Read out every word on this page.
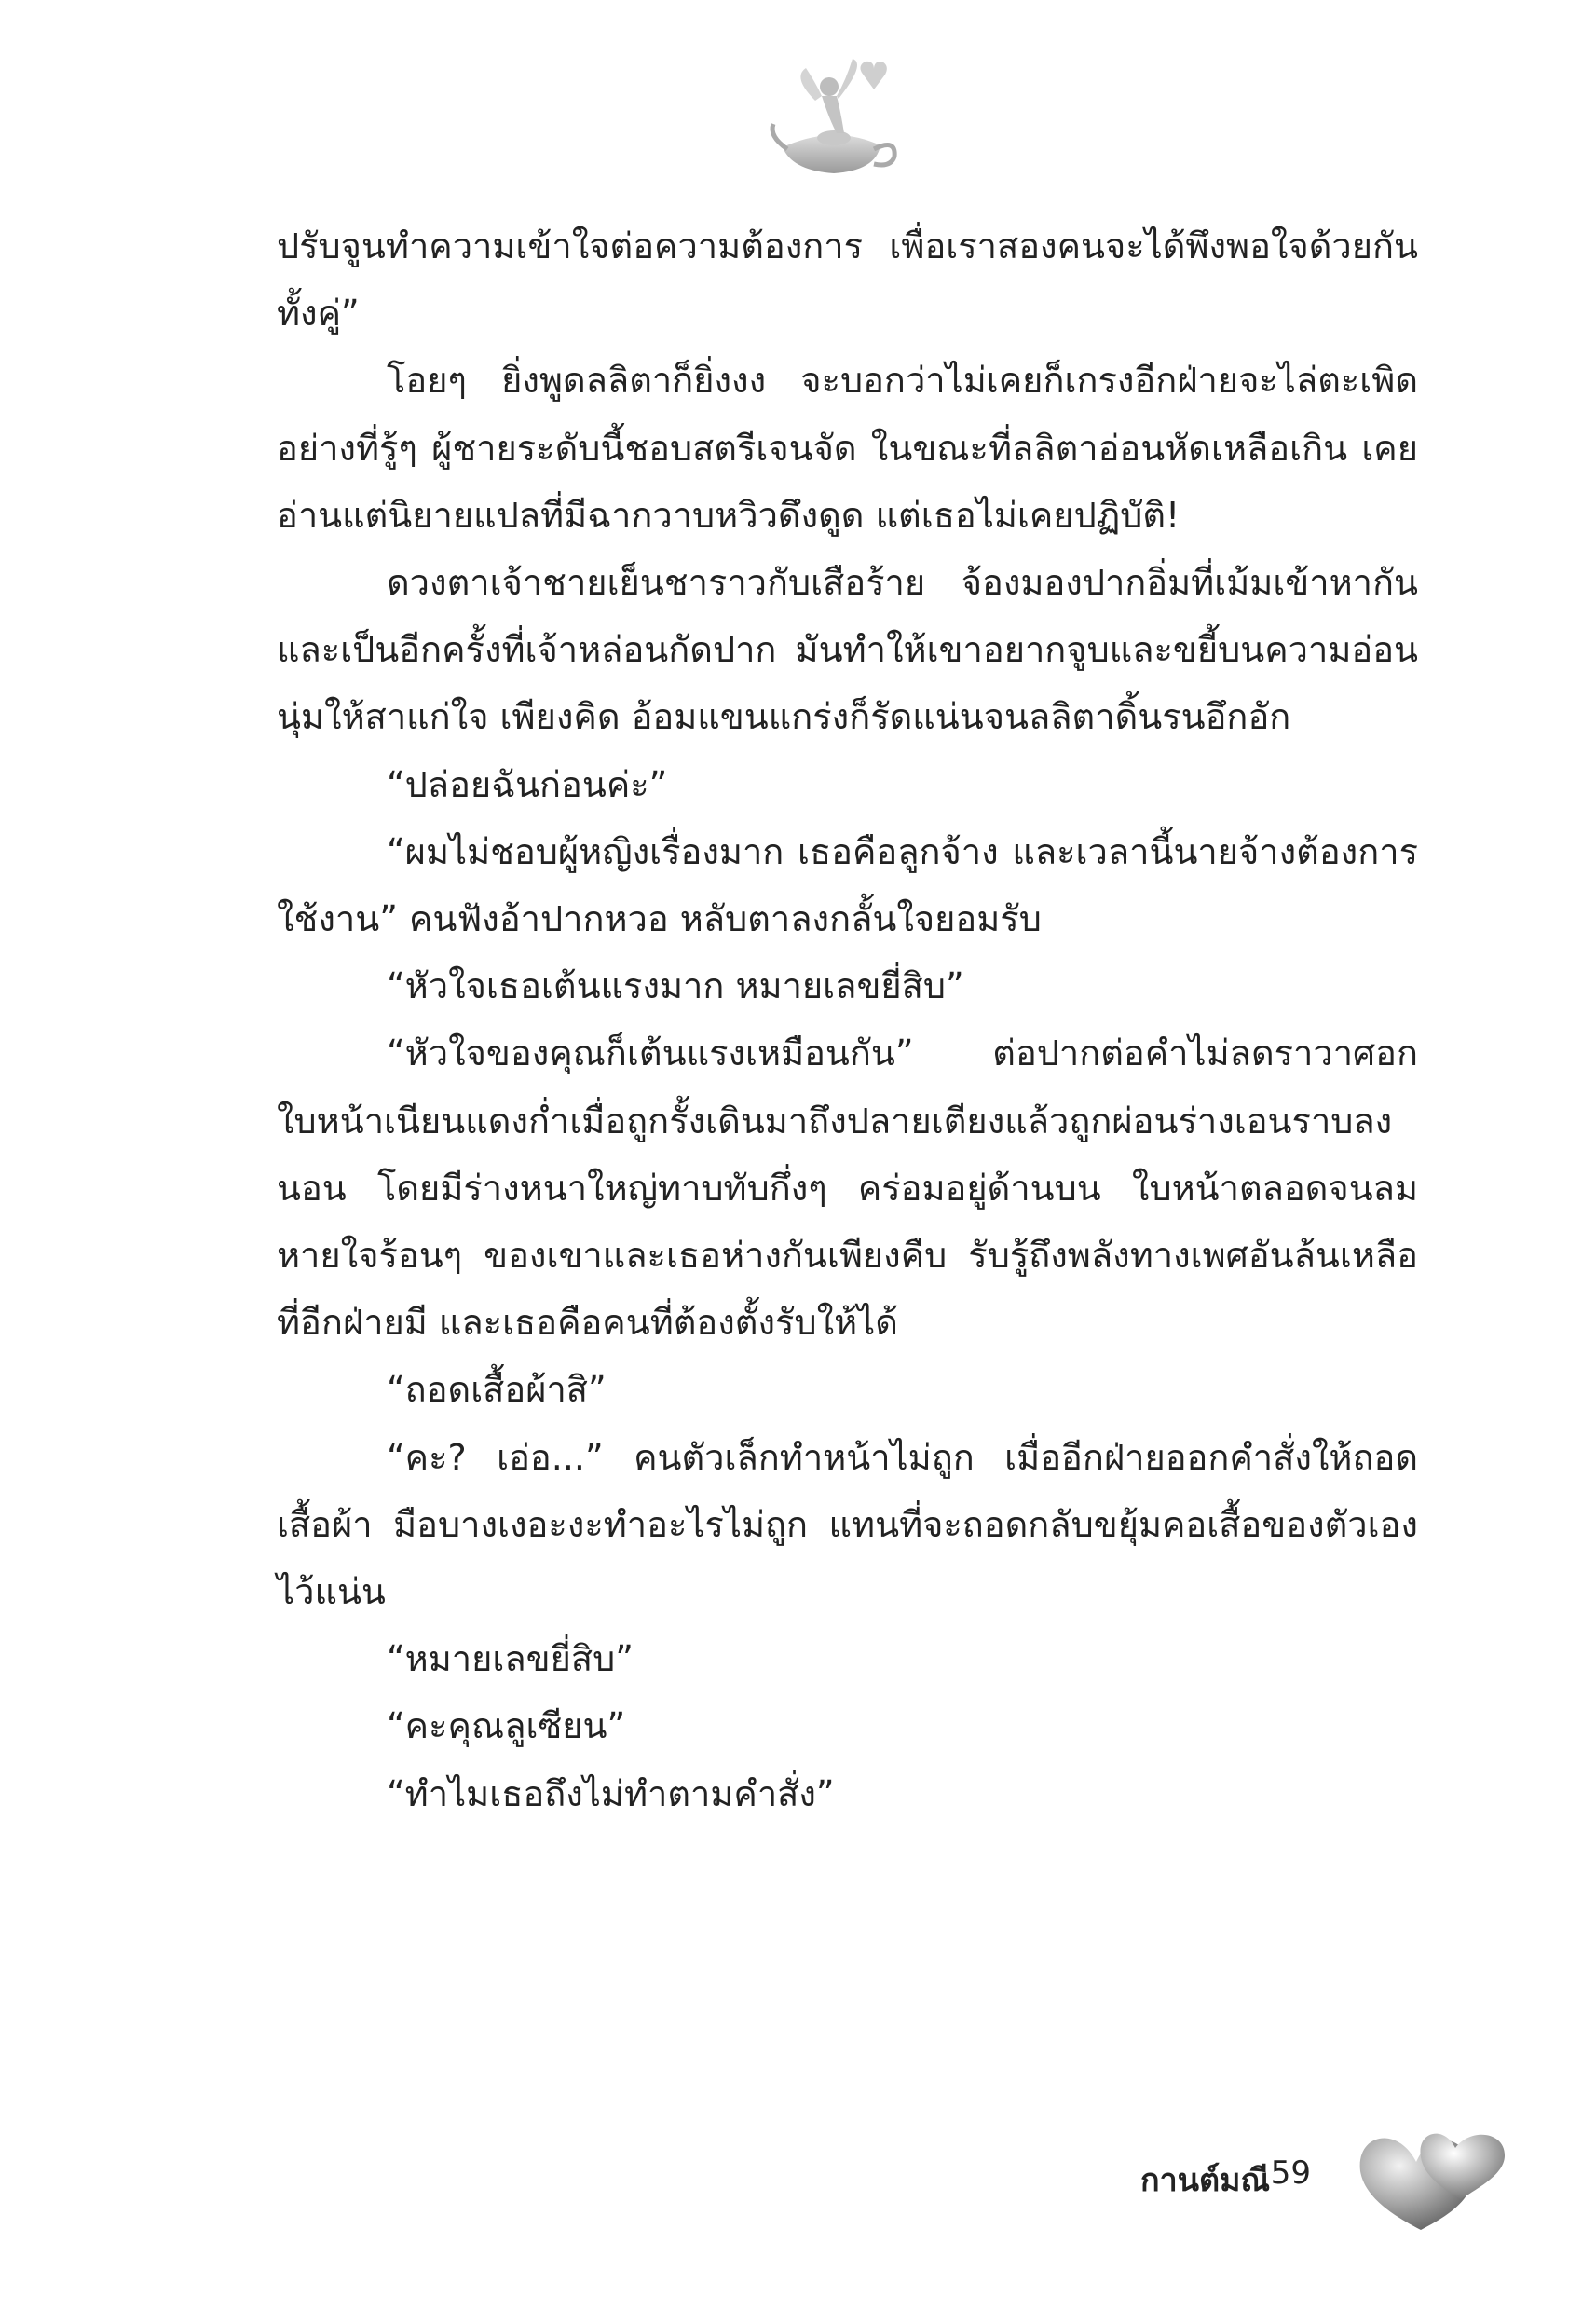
ปรับจูนทำความเข้าใจต่อความต้องการ เพื่อเราสองคนจะได้พึงพอใจด้วยกันทั้งคู่”

โอยๆ ยิ่งพูดลลิตาก็ยิ่งงง จะบอกว่าไม่เคยก็เกรงอีกฝ่ายจะไล่ตะเพิด อย่างที่รู้ๆ ผู้ชายระดับนี้ชอบสตรีเจนจัด ในขณะที่ลลิตาอ่อนหัดเหลือเกิน เคยอ่านแต่นิยายแปลที่มีฉากวาบหวิวดึงดูด แต่เธอไม่เคยปฏิบัติ!

ดวงตาเจ้าชายเย็นชาราวกับเสือร้าย จ้องมองปากอิ่มที่เม้มเข้าหากัน และเป็นอีกครั้งที่เจ้าหล่อนกัดปาก มันทำให้เขาอยากจูบและขยี้บนความอ่อนนุ่มให้สาแก่ใจ เพียงคิด อ้อมแขนแกร่งก็รัดแน่นจนลลิตาดิ้นรนอึกอัก

“ปล่อยฉันก่อนค่ะ”

“ผมไม่ชอบผู้หญิงเรื่องมาก เธอคือลูกจ้าง และเวลานี้นายจ้างต้องการใช้งาน” คนฟังอ้าปากหวอ หลับตาลงกลั้นใจยอมรับ

“หัวใจเธอเต้นแรงมาก หมายเลขยี่สิบ”

“หัวใจของคุณก็เต้นแรงเหมือนกัน” ต่อปากต่อคำไม่ลดราวาศอกใบหน้าเนียนแดงก่ำเมื่อถูกรั้งเดินมาถึงปลายเตียงแล้วถูกผ่อนร่างเอนราบลงนอน โดยมีร่างหนาใหญ่ทาบทับกึ่งๆ คร่อมอยู่ด้านบน ใบหน้าตลอดจนลมหายใจร้อนๆ ของเขาและเธอห่างกันเพียงคืบ รับรู้ถึงพลังทางเพศอันล้นเหลือที่อีกฝ่ายมี และเธอคือคนที่ต้องตั้งรับให้ได้

“ถอดเสื้อผ้าสิ”

“คะ? เอ่อ...” คนตัวเล็กทำหน้าไม่ถูก เมื่ออีกฝ่ายออกคำสั่งให้ถอดเสื้อผ้า มือบางเงอะงะทำอะไรไม่ถูก แทนที่จะถอดกลับขยุ้มคอเสื้อของตัวเองไว้แน่น

“หมายเลขยี่สิบ”

“คะคุณลูเซียน”

“ทำไมเธอถึงไม่ทำตามคำสั่ง”

กานต์มณี 59
